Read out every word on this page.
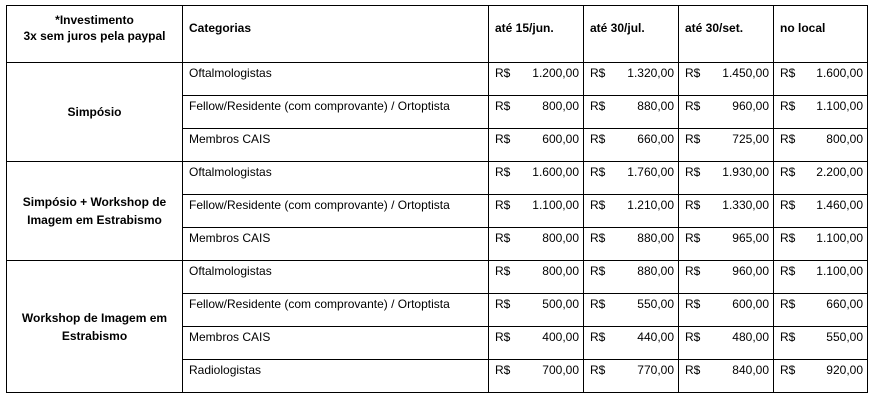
*Investimento
3x sem juros pela paypal	Categorias	até 15/jun.	até 30/jul.	até 30/set.	no local
Simpósio	Oftalmologistas	R$ 1.200,00	R$ 1.320,00	R$ 1.450,00	R$ 1.600,00

	Fellow/Residente (com comprovante) / Ortoptista	R$ 800,00	R$ 880,00	R$ 960,00	R$ 1.100,00

	Membros CAIS	R$ 600,00	R$ 660,00	R$ 725,00	R$ 800,00

Simpósio + Workshop de Imagem em Estrabismo	Oftalmologistas	R$ 1.600,00	R$ 1.760,00	R$ 1.930,00	R$ 2.200,00

	Fellow/Residente (com comprovante) / Ortoptista	R$ 1.100,00	R$ 1.210,00	R$ 1.330,00	R$ 1.460,00

	Membros CAIS	R$ 800,00	R$ 880,00	R$ 965,00	R$ 1.100,00

Workshop de Imagem em Estrabismo	Oftalmologistas	R$ 800,00	R$ 880,00	R$ 960,00	R$ 1.100,00

	Fellow/Residente (com comprovante) / Ortoptista	R$ 500,00	R$ 550,00	R$ 600,00	R$ 660,00

	Membros CAIS	R$ 400,00	R$ 440,00	R$ 480,00	R$ 550,00

	Radiologistas	R$ 700,00	R$ 770,00	R$ 840,00	R$ 920,00
